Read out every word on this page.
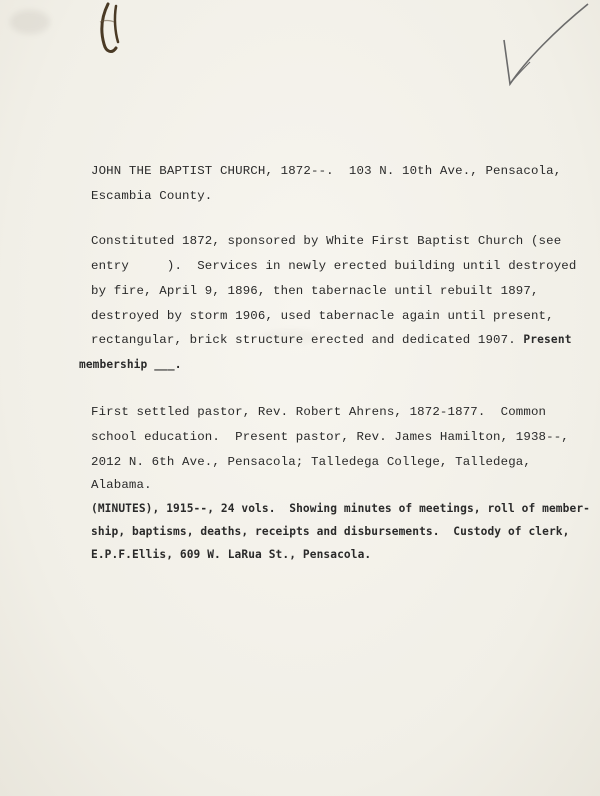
JOHN THE BAPTIST CHURCH, 1872--.  103 N. 10th Ave., Pensacola,
Escambia County.
Constituted 1872, sponsored by White First Baptist Church (see
entry     ).  Services in newly erected building until destroyed
by fire, April 9, 1896, then tabernacle until rebuilt 1897,
destroyed by storm 1906, used tabernacle again until present,
rectangular, brick structure erected and dedicated 1907. Present
membership ___.
First settled pastor, Rev. Robert Ahrens, 1872-1877.  Common
school education.  Present pastor, Rev. James Hamilton, 1938--,
2012 N. 6th Ave., Pensacola; Talledega College, Talledega,
Alabama.
(MINUTES), 1915--, 24 vols.  Showing minutes of meetings, roll of member-
ship, baptisms, deaths, receipts and disbursements.  Custody of clerk,
E.P.F.Ellis, 609 W. LaRua St., Pensacola.
